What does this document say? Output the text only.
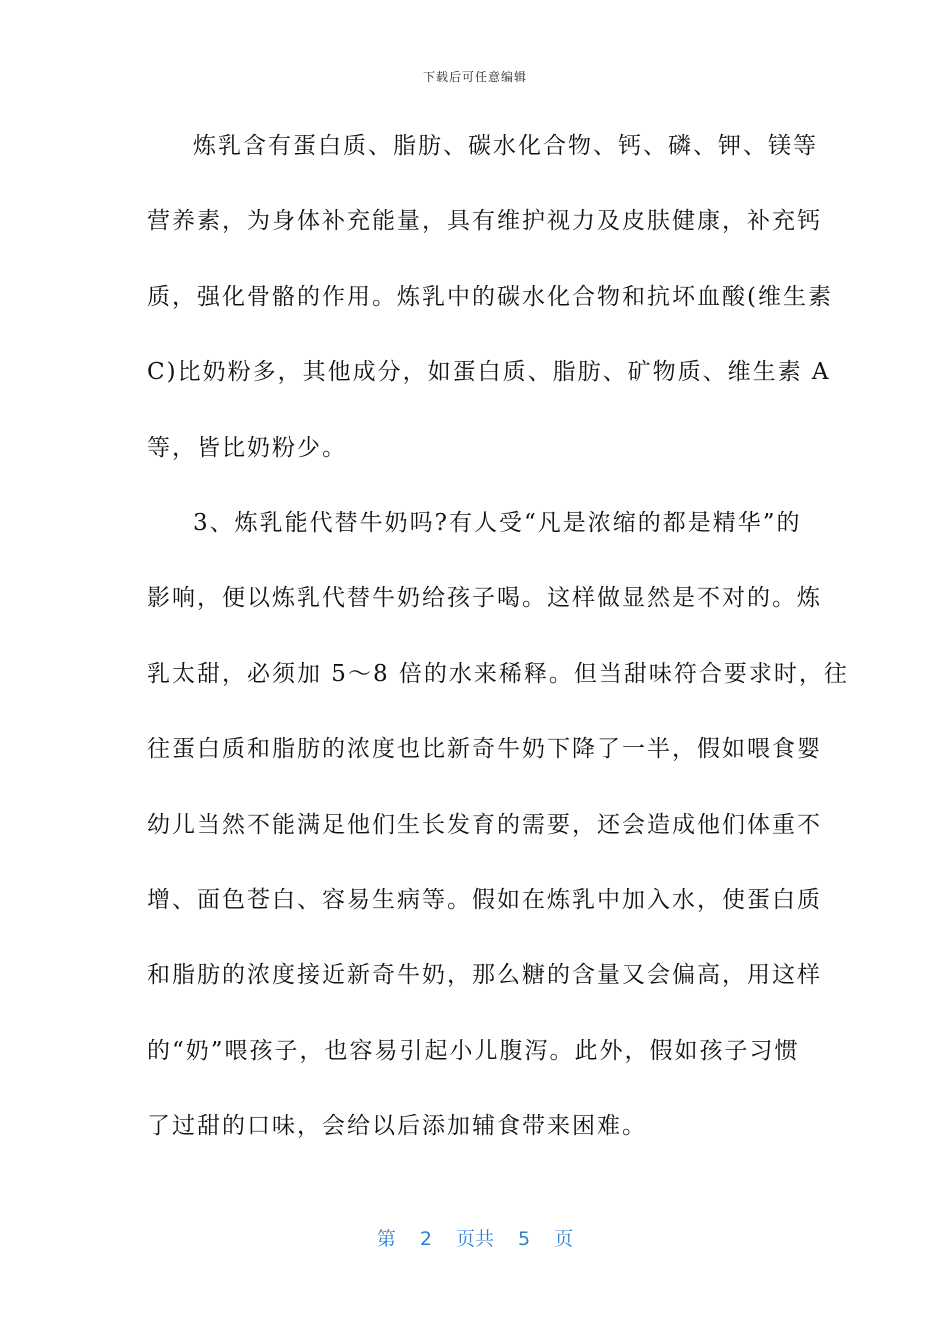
下载后可任意编辑
炼乳含有蛋白质、脂肪、碳水化合物、钙、磷、钾、镁等
营养素，为身体补充能量，具有维护视力及皮肤健康，补充钙
质，强化骨骼的作用。炼乳中的碳水化合物和抗坏血酸(维生素
C)比奶粉多，其他成分，如蛋白质、脂肪、矿物质、维生素 A
等，皆比奶粉少。
3、炼乳能代替牛奶吗?有人受“凡是浓缩的都是精华”的
影响，便以炼乳代替牛奶给孩子喝。这样做显然是不对的。炼
乳太甜，必须加 5～8 倍的水来稀释。但当甜味符合要求时，往
往蛋白质和脂肪的浓度也比新奇牛奶下降了一半，假如喂食婴
幼儿当然不能满足他们生长发育的需要，还会造成他们体重不
增、面色苍白、容易生病等。假如在炼乳中加入水，使蛋白质
和脂肪的浓度接近新奇牛奶，那么糖的含量又会偏高，用这样
的“奶”喂孩子，也容易引起小儿腹泻。此外，假如孩子习惯
了过甜的口味，会给以后添加辅食带来困难。
第 2 页共 5 页
